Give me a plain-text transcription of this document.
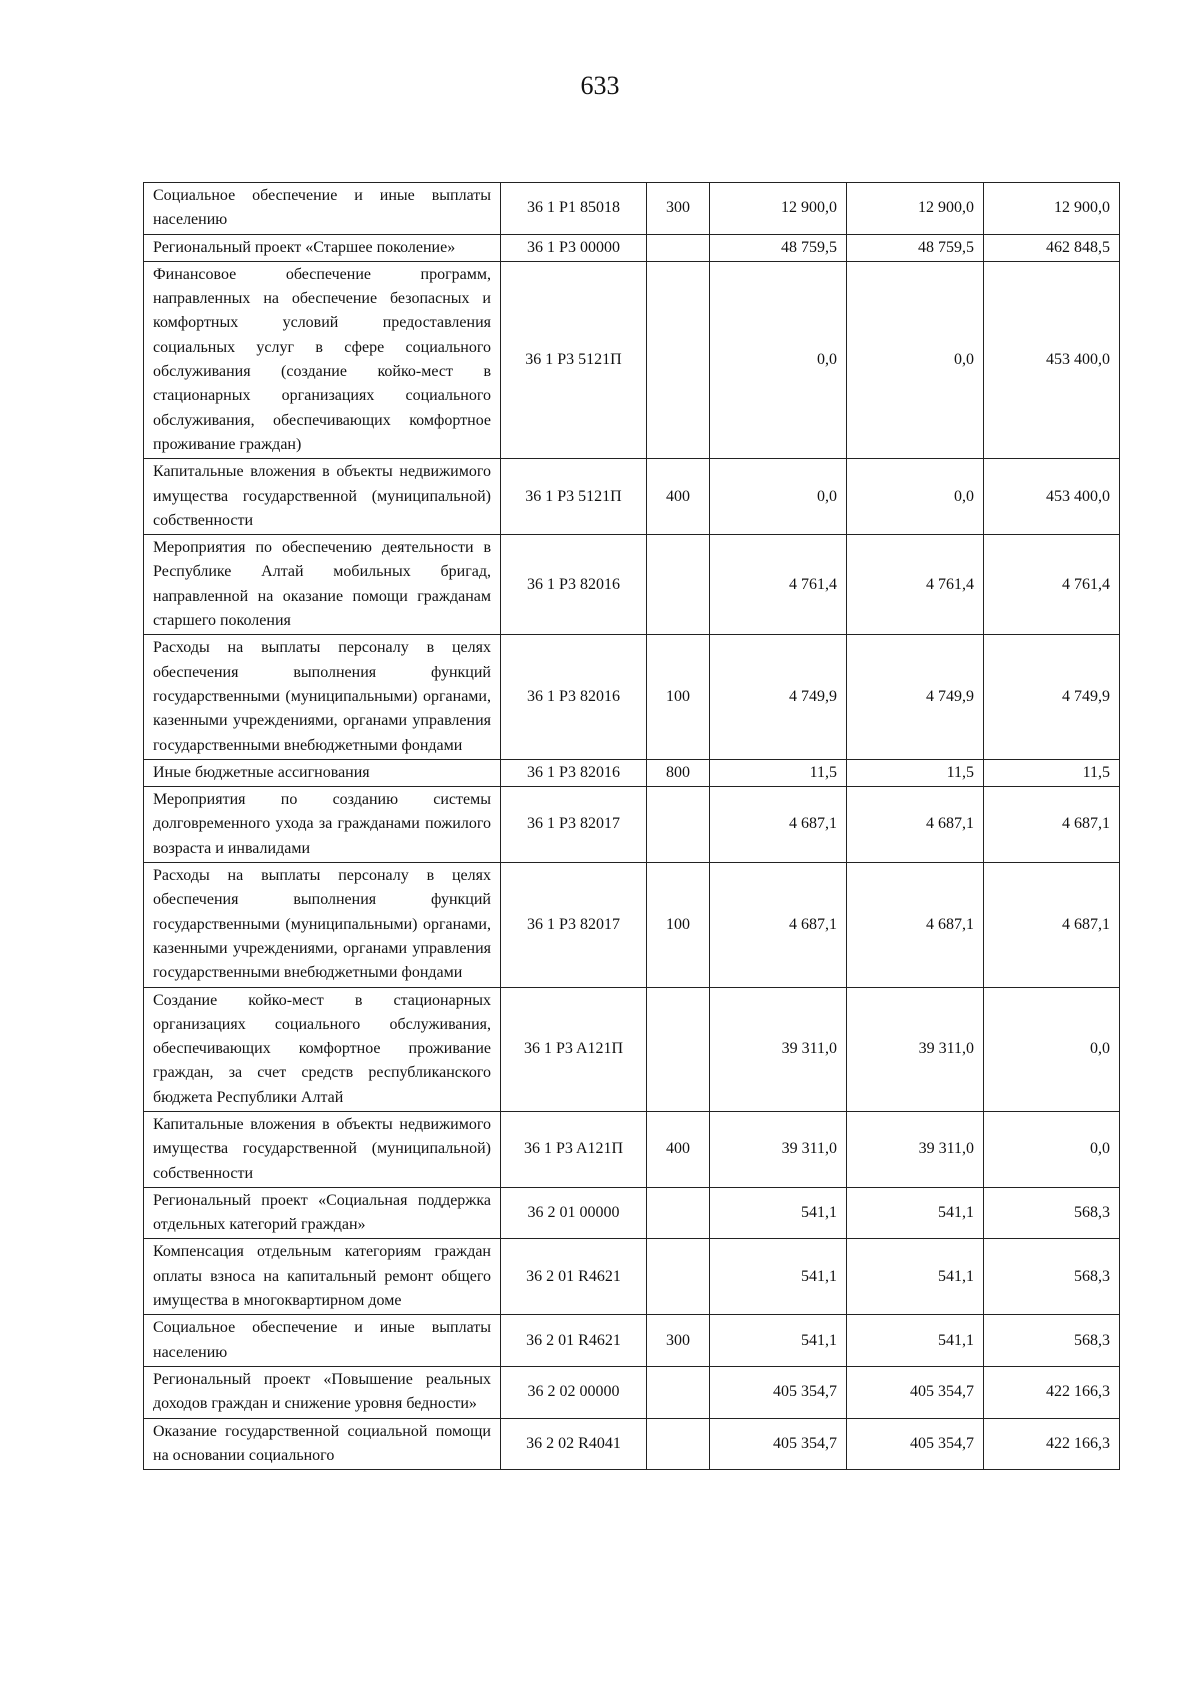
633
Социальное обеспечение и иные выплаты населению	36 1 P1 85018	300	12 900,0	12 900,0	12 900,0
Региональный проект «Старшее поколение»	36 1 P3 00000		48 759,5	48 759,5	462 848,5
Финансовое обеспечение программ, направленных на обеспечение безопасных и комфортных условий предоставления социальных услуг в сфере социального обслуживания (создание койко-мест в стационарных организациях социального обслуживания, обеспечивающих комфортное проживание граждан)	36 1 P3 5121П		0,0	0,0	453 400,0
Капитальные вложения в объекты недвижимого имущества государственной (муниципальной) собственности	36 1 P3 5121П	400	0,0	0,0	453 400,0
Мероприятия по обеспечению деятельности в Республике Алтай мобильных бригад, направленной на оказание помощи гражданам старшего поколения	36 1 P3 82016		4 761,4	4 761,4	4 761,4
Расходы на выплаты персоналу в целях обеспечения выполнения функций государственными (муниципальными) органами, казенными учреждениями, органами управления государственными внебюджетными фондами	36 1 P3 82016	100	4 749,9	4 749,9	4 749,9
Иные бюджетные ассигнования	36 1 P3 82016	800	11,5	11,5	11,5
Мероприятия по созданию системы долговременного ухода за гражданами пожилого возраста и инвалидами	36 1 P3 82017		4 687,1	4 687,1	4 687,1
Расходы на выплаты персоналу в целях обеспечения выполнения функций государственными (муниципальными) органами, казенными учреждениями, органами управления государственными внебюджетными фондами	36 1 P3 82017	100	4 687,1	4 687,1	4 687,1
Создание койко-мест в стационарных организациях социального обслуживания, обеспечивающих комфортное проживание граждан, за счет средств республиканского бюджета Республики Алтай	36 1 P3 A121П		39 311,0	39 311,0	0,0
Капитальные вложения в объекты недвижимого имущества государственной (муниципальной) собственности	36 1 P3 A121П	400	39 311,0	39 311,0	0,0
Региональный проект «Социальная поддержка отдельных категорий граждан»	36 2 01 00000		541,1	541,1	568,3
Компенсация отдельным категориям граждан оплаты взноса на капитальный ремонт общего имущества в многоквартирном доме	36 2 01 R4621		541,1	541,1	568,3
Социальное обеспечение и иные выплаты населению	36 2 01 R4621	300	541,1	541,1	568,3
Региональный проект «Повышение реальных доходов граждан и снижение уровня бедности»	36 2 02 00000		405 354,7	405 354,7	422 166,3
Оказание государственной социальной помощи на основании социального	36 2 02 R4041		405 354,7	405 354,7	422 166,3
